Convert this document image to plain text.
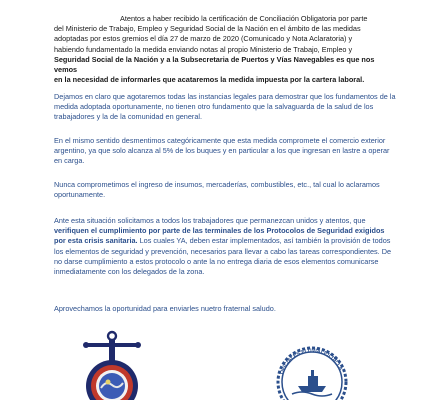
Atentos a haber recibido la certificación de Conciliación Obligatoria por parte
del Ministerio de Trabajo, Empleo y Seguridad Social de la Nación en el ámbito de las medidas
adoptadas por estos gremios el día 27 de marzo de 2020 (Comunicado y Nota Aclaratoria) y
habiendo fundamentado la medida enviando notas al propio Ministerio de Trabajo, Empleo y
Seguridad Social de la Nación y a la Subsecretaria de Puertos y Vías Navegables es que nos vemos
en la necesidad de informarles que acataremos la medida impuesta por la cartera laboral.

Dejamos en claro que agotaremos todas las instancias legales para demostrar que los fundamentos de la medida adoptada oportunamente, no tienen otro fundamento que la salvaguarda de la salud de los trabajadores y la de la comunidad en general.

En el mismo sentido desmentimos categóricamente que esta medida compromete el comercio exterior argentino, ya que solo alcanza al 5% de los buques y en particular a los que ingresan en lastre a operar en carga.

Nunca comprometimos el ingreso de insumos, mercaderías, combustibles, etc., tal cual lo aclaramos oportunamente.

Ante esta situación solicitamos a todos los trabajadores que permanezcan unidos y atentos, que verifiquen el cumplimiento por parte de las terminales de los Protocolos de Seguridad exigidos por esta crisis sanitaria. Los cuales YA, deben estar implementados, así también la provisión de todos los elementos de seguridad y prevención, necesarios para llevar a cabo las tareas correspondientes. De no darse cumplimiento a estos protocolo o ante la no entrega diaria de esos elementos comunicarse inmediatamente con los delegados de la zona.

Aprovechamos la oportunidad para enviarles nuetro fraternal saludo.

OFICIALES FLUVIALES DE LA
